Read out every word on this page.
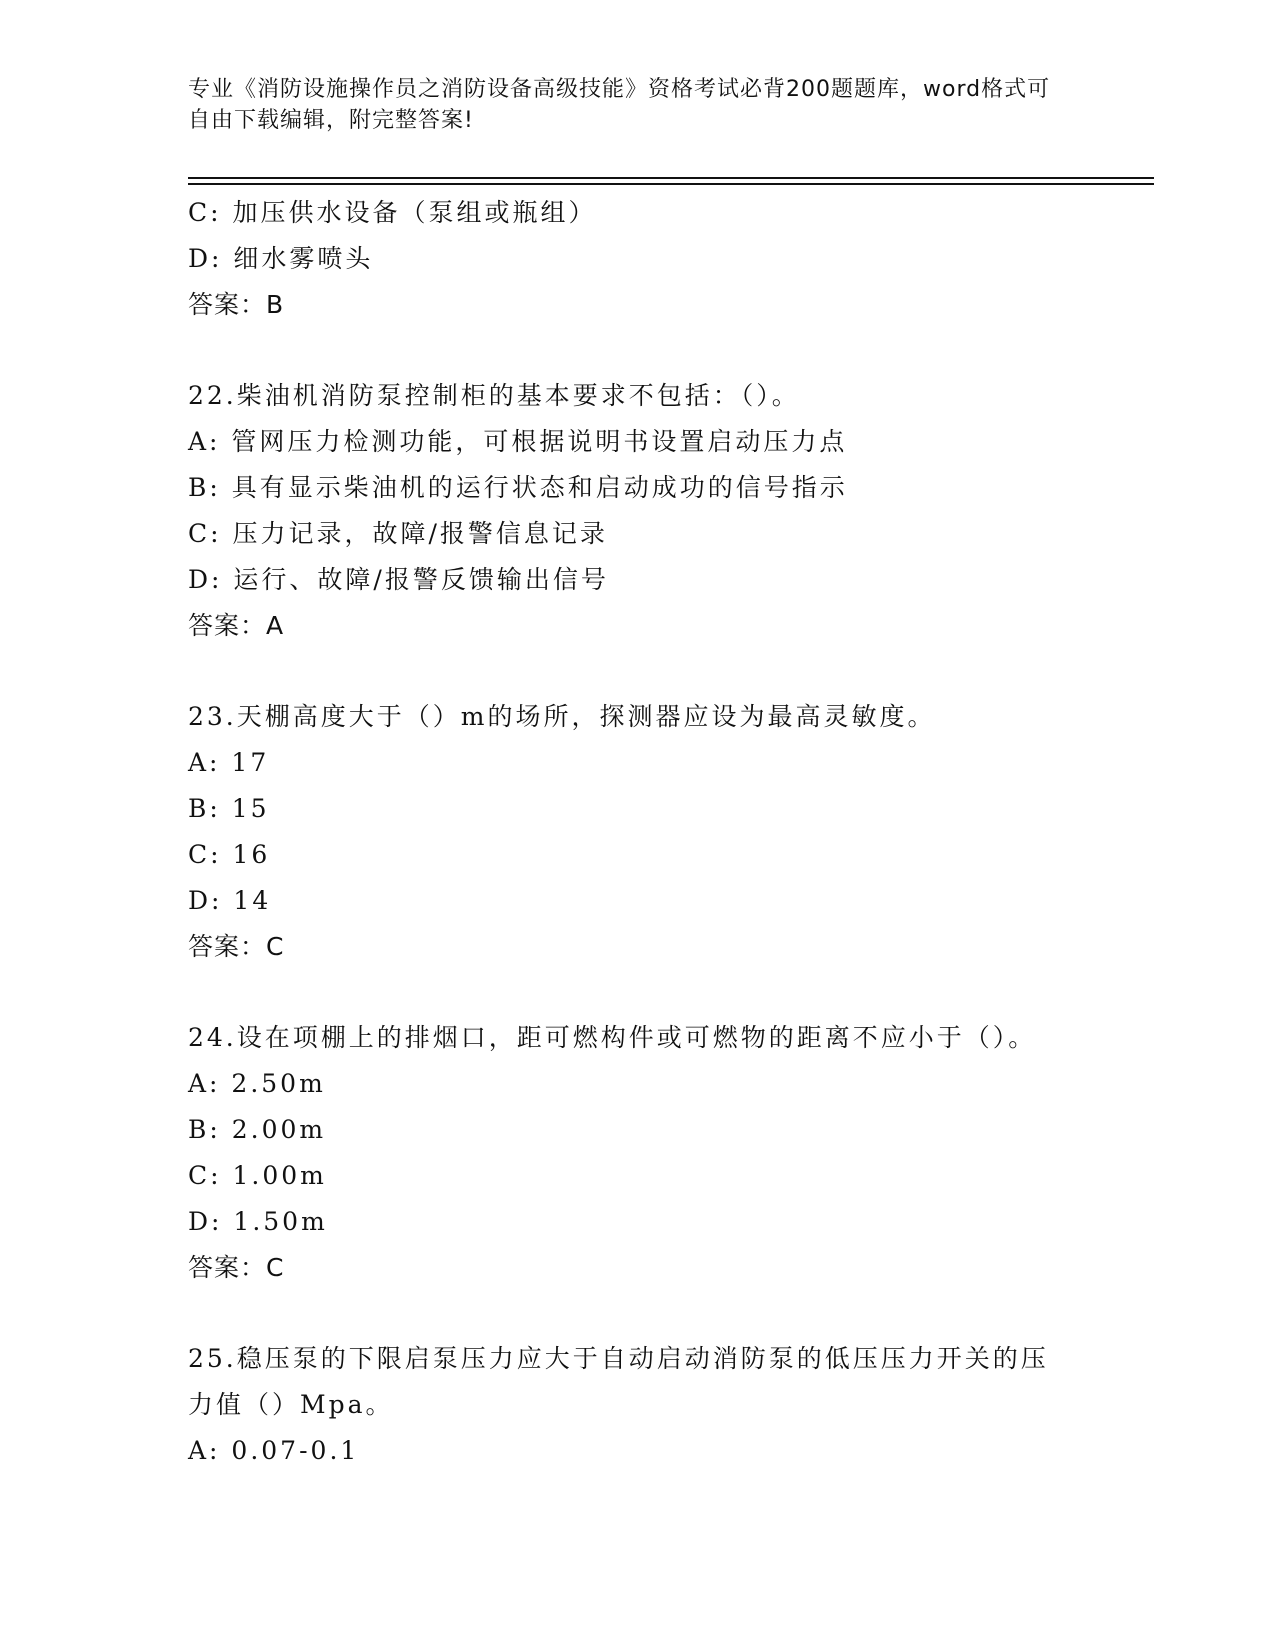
专业《消防设施操作员之消防设备高级技能》资格考试必背200题题库，word格式可自由下载编辑，附完整答案!
C: 加压供水设备（泵组或瓶组）
D: 细水雾喷头
答案：B
22.柴油机消防泵控制柜的基本要求不包括：（）。
A: 管网压力检测功能，可根据说明书设置启动压力点
B: 具有显示柴油机的运行状态和启动成功的信号指示
C: 压力记录，故障/报警信息记录
D: 运行、故障/报警反馈输出信号
答案：A
23.天棚高度大于（）m的场所，探测器应设为最高灵敏度。
A: 17
B: 15
C: 16
D: 14
答案：C
24.设在项棚上的排烟口，距可燃构件或可燃物的距离不应小于（）。
A: 2.50m
B: 2.00m
C: 1.00m
D: 1.50m
答案：C
25.稳压泵的下限启泵压力应大于自动启动消防泵的低压压力开关的压
力值（）Mpa。
A: 0.07-0.1
